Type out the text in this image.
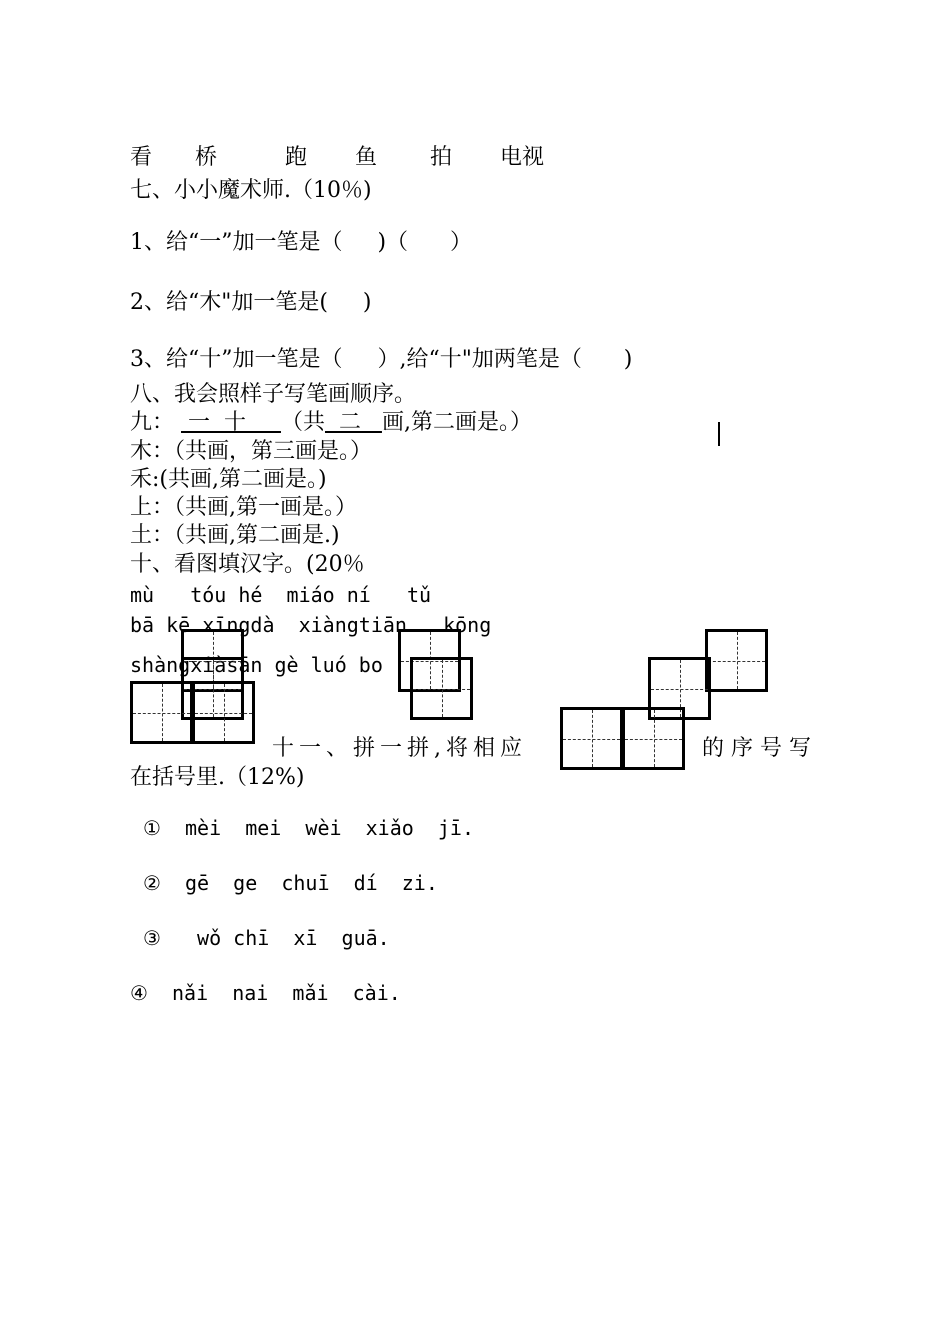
看 桥	跑 鱼 拍 电视
七、小小魔术师.（10％)
1、给“一”加一笔是（     )（      ）
2、给“木"加一笔是(     )
3、给“十”加一笔是（     ）,给“十"加两笔是（      )
八、我会照样子写笔画顺序。
九：  一  十     （共  二   画,第二画是。）
木：（共画，第三画是。）
禾:(共画,第二画是。)
上：（共画,第一画是。）
土：（共画,第二画是.)
十、看图填汉字。(20％
mù   tóu hé  miáo ní   tǔ
bā kē xīngdà  xiàngtiān   kōng
shàngxiàsān gè luó bo
十一、拼一拼,将相应	的序号写
在括号里.（12%)
①  mèi  mei  wèi  xiǎo  jī.
②  gē  ge  chuī  dí  zi.
③   wǒ chī  xī  guā.
④  nǎi  nai  mǎi  cài.
